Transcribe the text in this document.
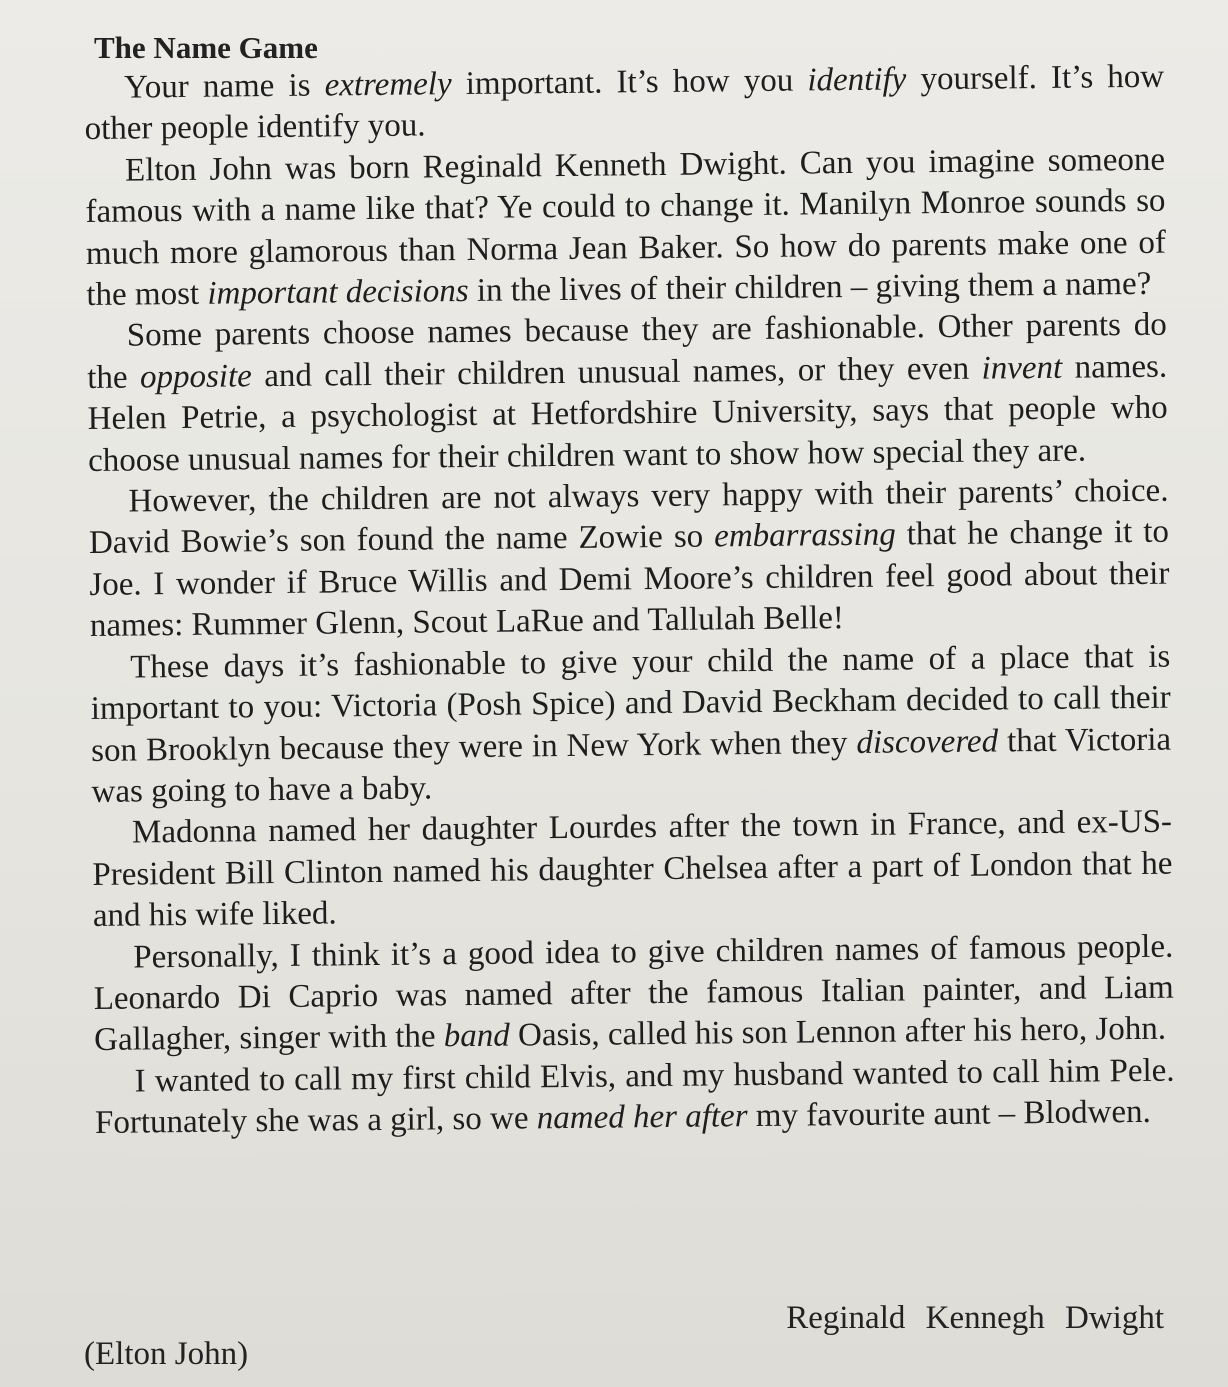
The Name Game

Your name is extremely important. It’s how you identify yourself. It’s how other people identify you.

Elton John was born Reginald Kenneth Dwight. Can you imagine someone famous with a name like that? Ye could to change it. Manilyn Monroe sounds so much more glamorous than Norma Jean Baker. So how do parents make one of the most important decisions in the lives of their children – giving them a name?

Some parents choose names because they are fashionable. Other parents do the opposite and call their children unusual names, or they even invent names. Helen Petrie, a psychologist at Hetfordshire University, says that people who choose unusual names for their children want to show how special they are.

However, the children are not always very happy with their parents’ choice. David Bowie’s son found the name Zowie so embarrassing that he change it to Joe. I wonder if Bruce Willis and Demi Moore’s children feel good about their names: Rummer Glenn, Scout LaRue and Tallulah Belle!

These days it’s fashionable to give your child the name of a place that is important to you: Victoria (Posh Spice) and David Beckham decided to call their son Brooklyn because they were in New York when they discovered that Victoria was going to have a baby.

Madonna named her daughter Lourdes after the town in France, and ex-US-President Bill Clinton named his daughter Chelsea after a part of London that he and his wife liked.

Personally, I think it’s a good idea to give children names of famous people. Leonardo Di Caprio was named after the famous Italian painter, and Liam Gallagher, singer with the band Oasis, called his son Lennon after his hero, John.

I wanted to call my first child Elvis, and my husband wanted to call him Pele. Fortunately she was a girl, so we named her after my favourite aunt – Blodwen.

Reginald Kennegh Dwight
(Elton John)
